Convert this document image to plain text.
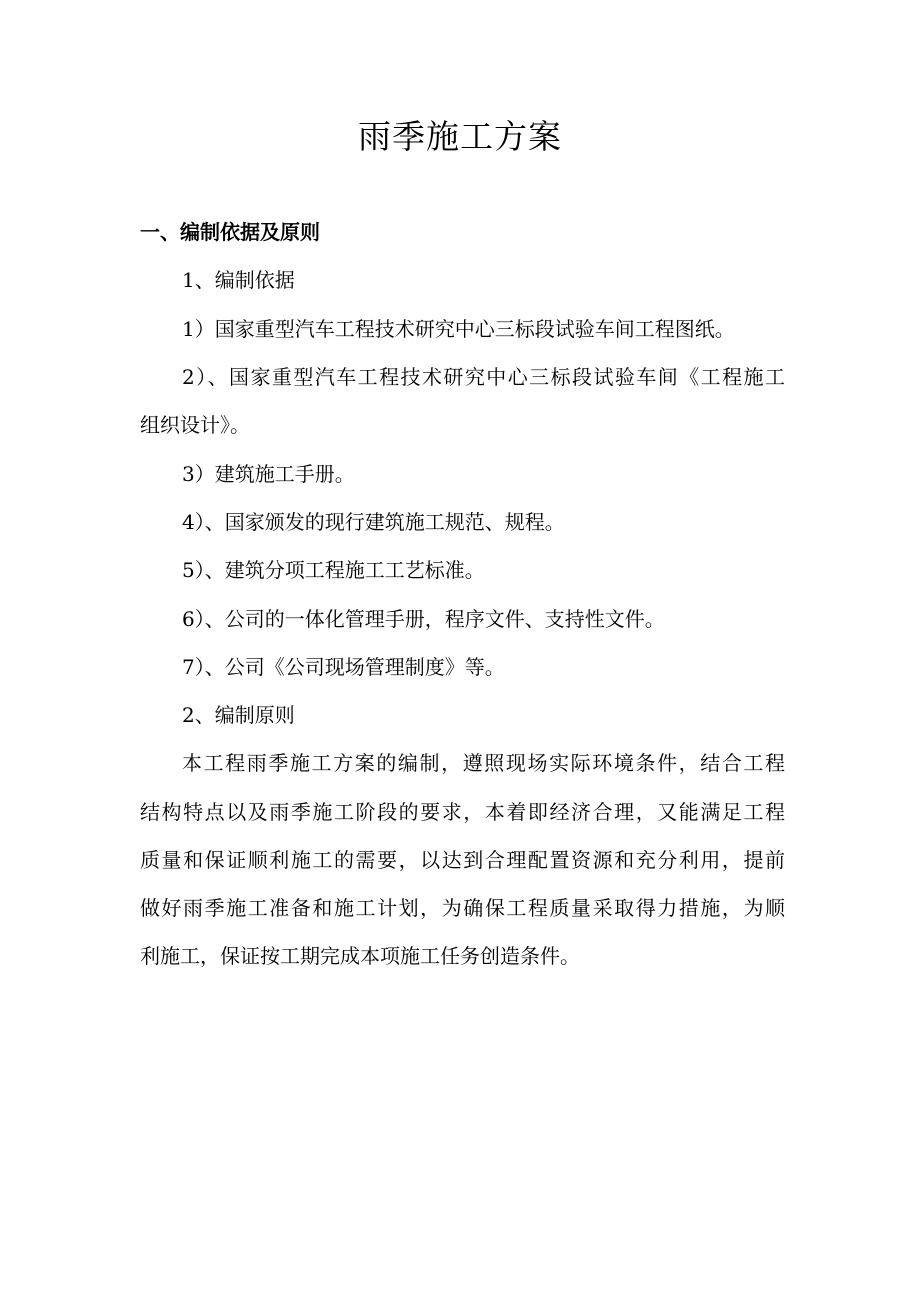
雨季施工方案
一、编制依据及原则
1、编制依据
1）国家重型汽车工程技术研究中心三标段试验车间工程图纸。
2）、国家重型汽车工程技术研究中心三标段试验车间《工程施工
组织设计》。
3）建筑施工手册。
4）、国家颁发的现行建筑施工规范、规程。
5）、建筑分项工程施工工艺标准。
6）、公司的一体化管理手册，程序文件、支持性文件。
7）、公司《公司现场管理制度》等。
2、编制原则
本工程雨季施工方案的编制，遵照现场实际环境条件，结合工程
结构特点以及雨季施工阶段的要求，本着即经济合理，又能满足工程
质量和保证顺利施工的需要，以达到合理配置资源和充分利用，提前
做好雨季施工准备和施工计划，为确保工程质量采取得力措施，为顺
利施工，保证按工期完成本项施工任务创造条件。
